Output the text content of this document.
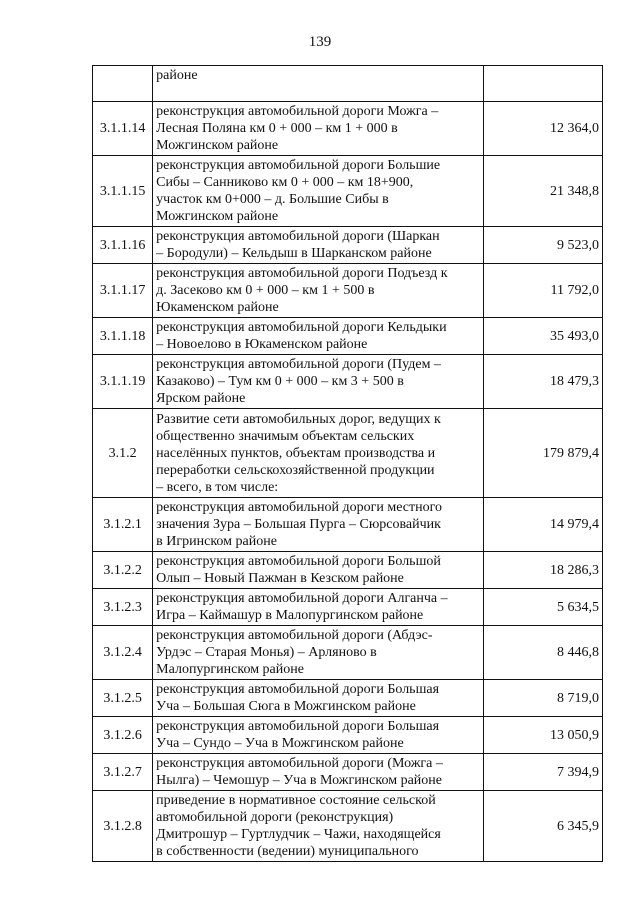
139

	районе	

3.1.1.14	реконструкция автомобильной дороги Можга –
Лесная Поляна км 0 + 000 – км 1 + 000 в
Можгинском районе	12 364,0
3.1.1.15	реконструкция автомобильной дороги Большие
Сибы – Санниково км 0 + 000 – км 18+900,
участок км 0+000 – д. Большие Сибы в
Можгинском районе	21 348,8
3.1.1.16	реконструкция автомобильной дороги (Шаркан
– Бородули) – Кельдыш в Шарканском районе	9 523,0
3.1.1.17	реконструкция автомобильной дороги Подъезд к
д. Засеково км 0 + 000 – км 1 + 500 в
Юкаменском районе	11 792,0
3.1.1.18	реконструкция автомобильной дороги Кельдыки
– Новоелово в Юкаменском районе	35 493,0
3.1.1.19	реконструкция автомобильной дороги (Пудем –
Казаково) – Тум км 0 + 000 – км 3 + 500 в
Ярском районе	18 479,3
3.1.2	Развитие сети автомобильных дорог, ведущих к
общественно значимым объектам сельских
населённых пунктов, объектам производства и
переработки сельскохозяйственной продукции
– всего, в том числе:	179 879,4
3.1.2.1	реконструкция автомобильной дороги местного
значения Зура – Большая Пурга – Сюрсовайчик
в Игринском районе	14 979,4
3.1.2.2	реконструкция автомобильной дороги Большой
Олып – Новый Пажман в Кезском районе	18 286,3
3.1.2.3	реконструкция автомобильной дороги Алганча –
Игра – Каймашур в Малопургинском районе	5 634,5
3.1.2.4	реконструкция автомобильной дороги (Абдэс-
Урдэс – Старая Монья) – Арляново в
Малопургинском районе	8 446,8
3.1.2.5	реконструкция автомобильной дороги Большая
Уча – Большая Сюга в Можгинском районе	8 719,0
3.1.2.6	реконструкция автомобильной дороги Большая
Уча – Сундо – Уча в Можгинском районе	13 050,9
3.1.2.7	реконструкция автомобильной дороги (Можга –
Нылга) – Чемошур – Уча в Можгинском районе	7 394,9
3.1.2.8	приведение в нормативное состояние сельской
автомобильной дороги (реконструкция)
Дмитрошур – Гуртлудчик – Чажи, находящейся
в собственности (ведении) муниципального	6 345,9
